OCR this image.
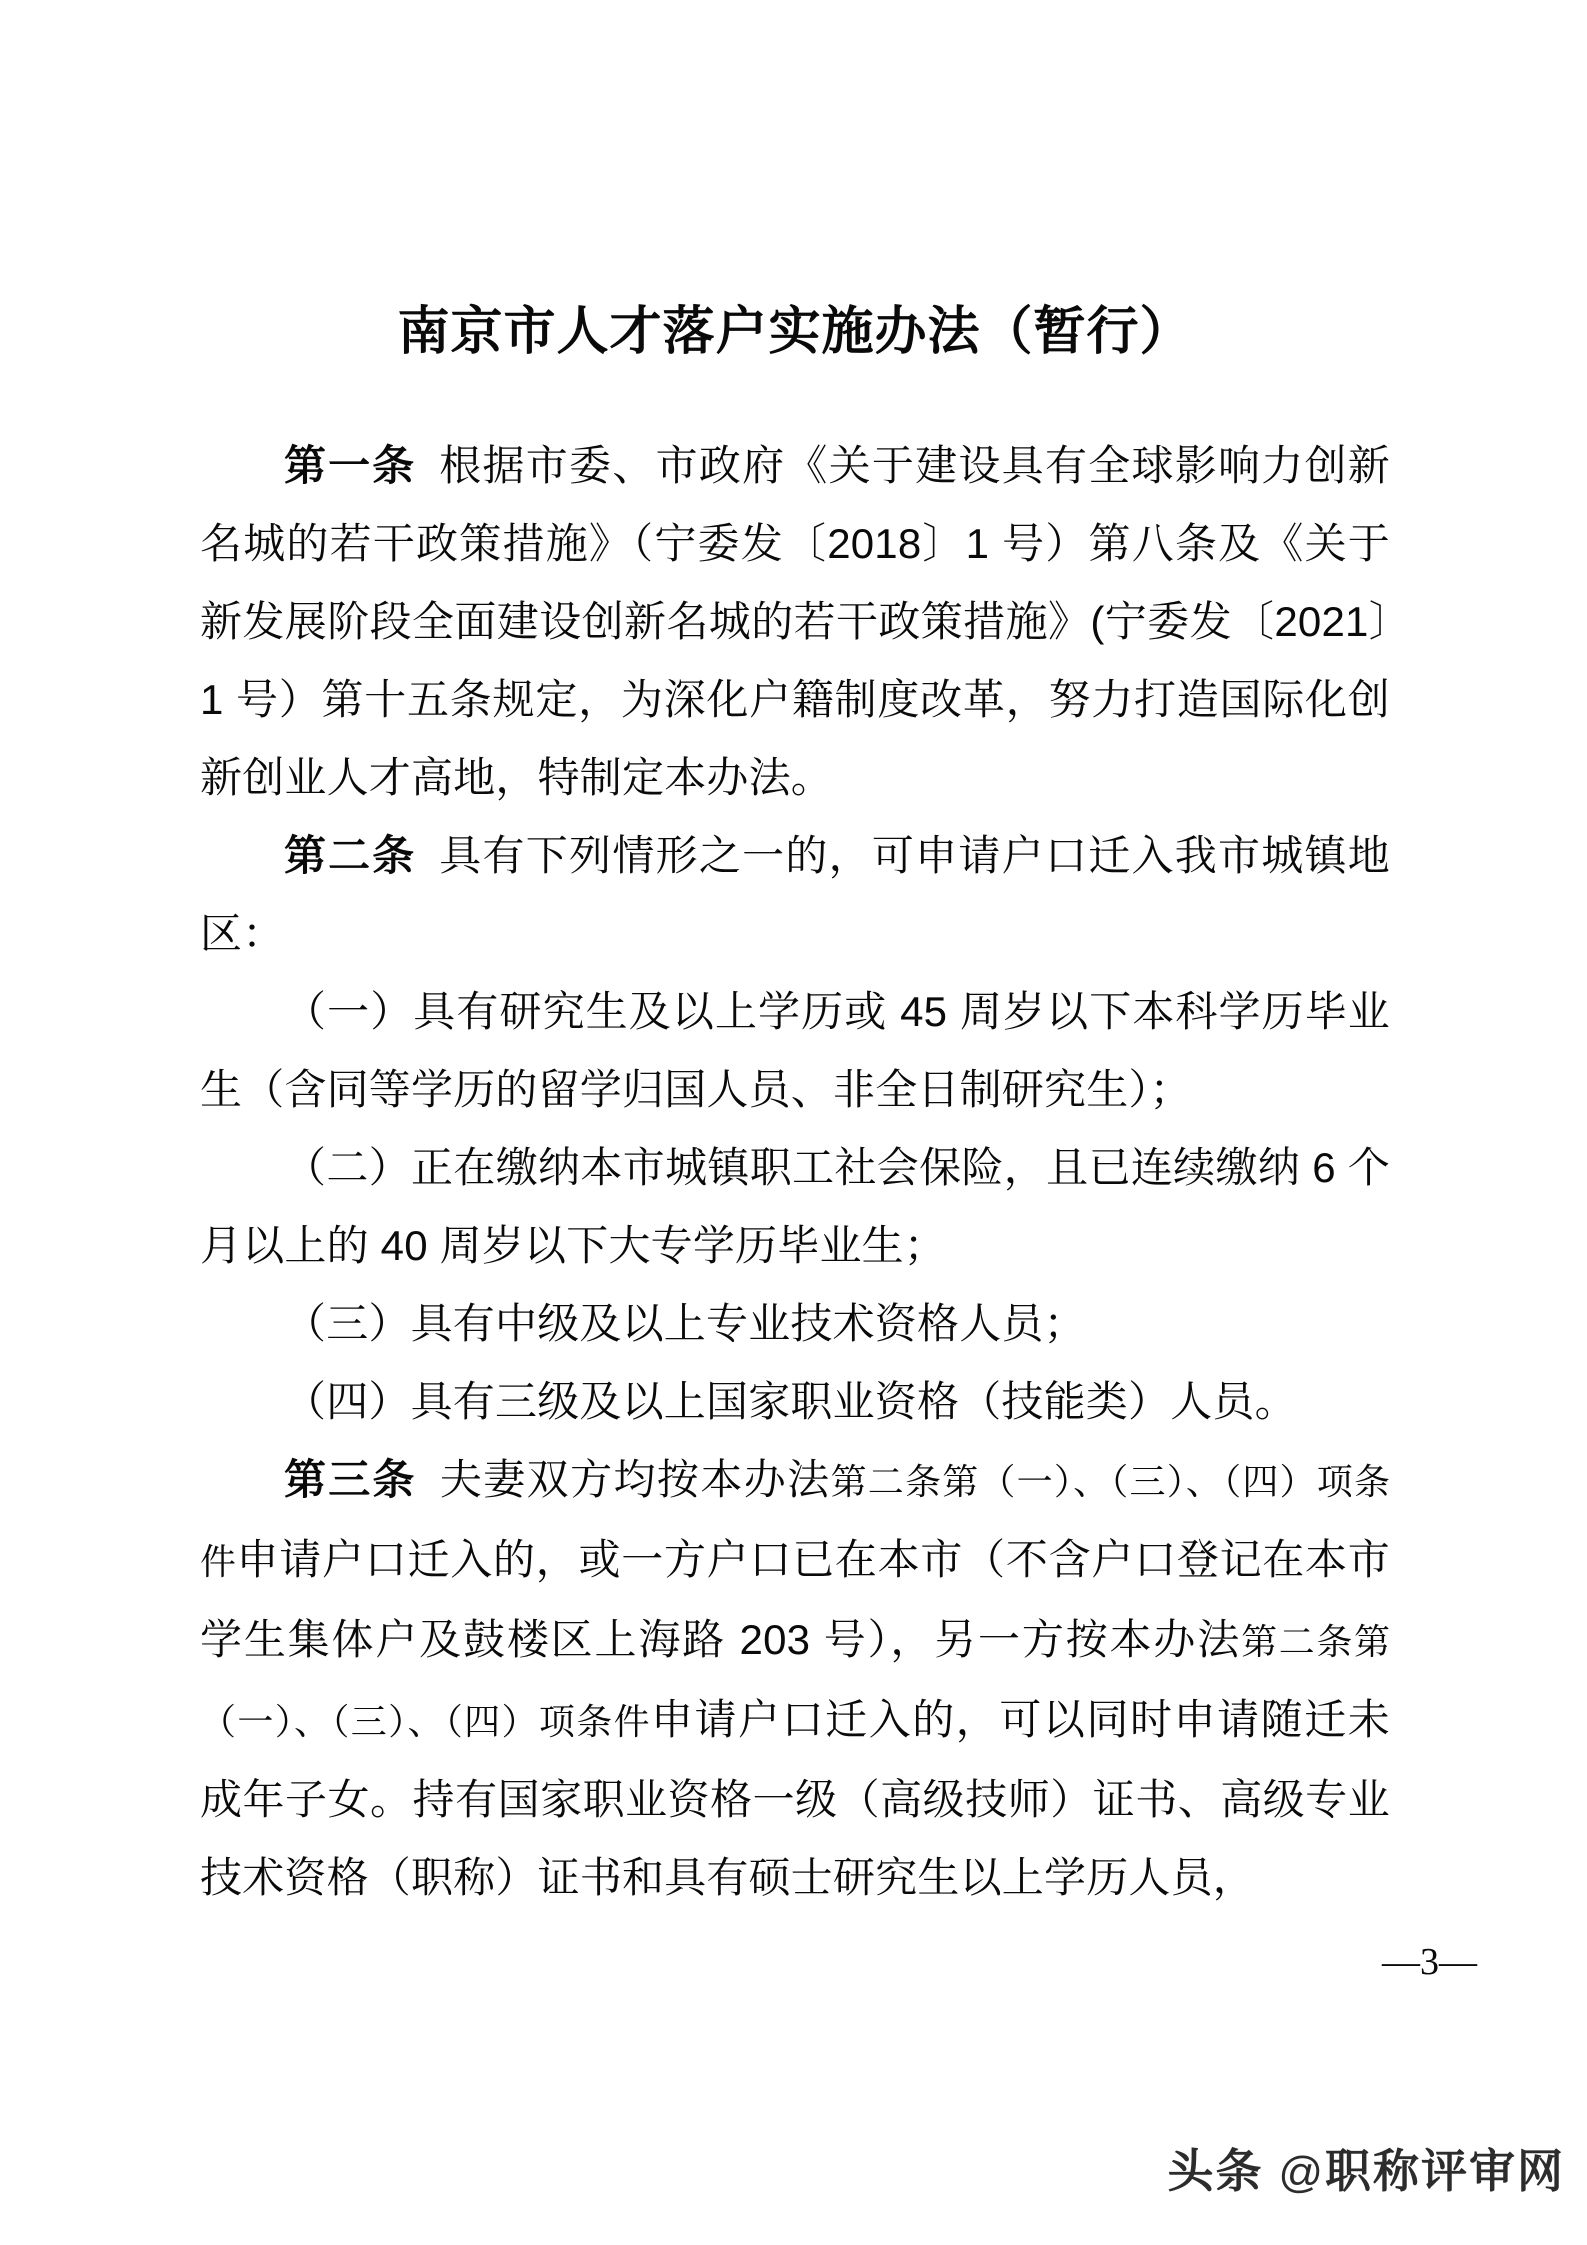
南京市人才落户实施办法（暂行）

第一条 根据市委、市政府《关于建设具有全球影响力创新名城的若干政策措施》（宁委发〔2018〕1 号）第八条及《关于新发展阶段全面建设创新名城的若干政策措施》(宁委发〔2021〕1 号）第十五条规定，为深化户籍制度改革，努力打造国际化创新创业人才高地，特制定本办法。

第二条 具有下列情形之一的，可申请户口迁入我市城镇地区：

（一）具有研究生及以上学历或 45 周岁以下本科学历毕业生（含同等学历的留学归国人员、非全日制研究生）；

（二）正在缴纳本市城镇职工社会保险，且已连续缴纳 6 个月以上的 40 周岁以下大专学历毕业生；

（三）具有中级及以上专业技术资格人员；

（四）具有三级及以上国家职业资格（技能类）人员。

第三条 夫妻双方均按本办法第二条第（一）、（三）、（四）项条件申请户口迁入的，或一方户口已在本市（不含户口登记在本市学生集体户及鼓楼区上海路 203 号），另一方按本办法第二条第（一）、（三）、（四）项条件申请户口迁入的，可以同时申请随迁未成年子女。持有国家职业资格一级（高级技师）证书、高级专业技术资格（职称）证书和具有硕士研究生以上学历人员，

—3—
头条 @职称评审网
